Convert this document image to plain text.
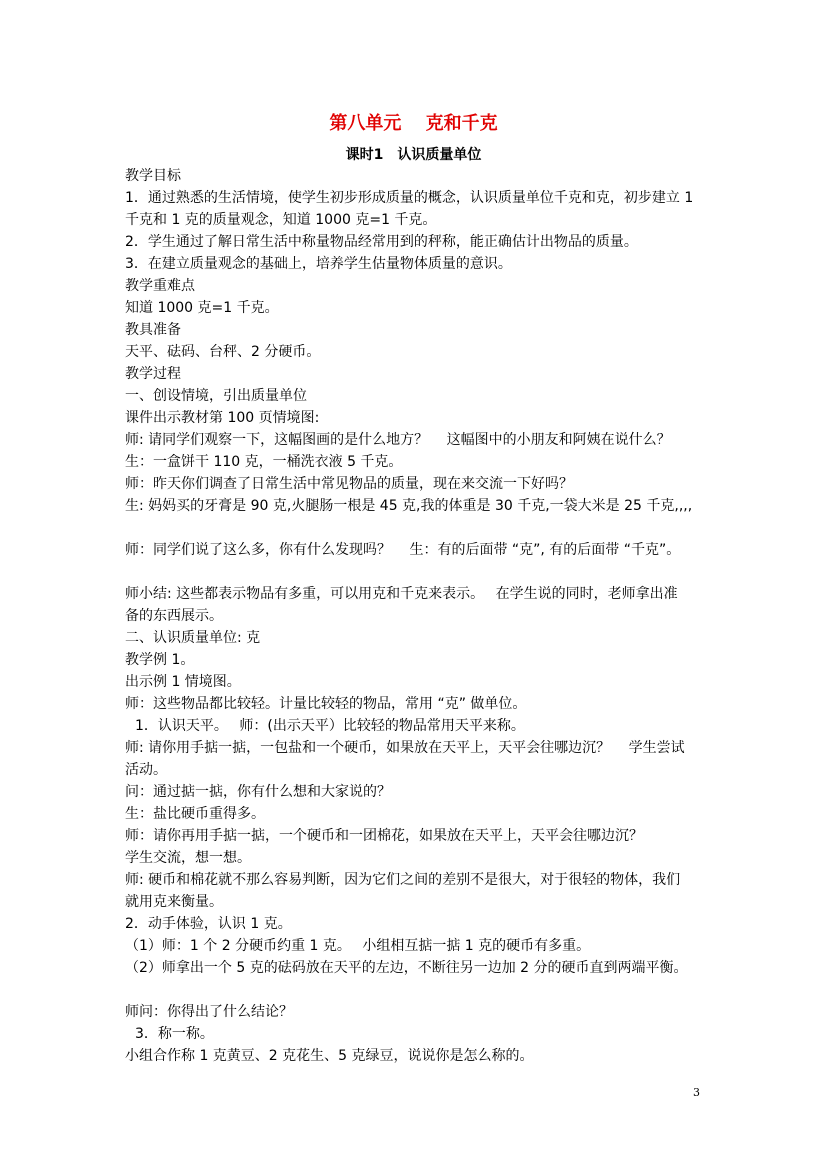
第八单元　 克和千克
课时1　认识质量单位
教学目标
1．通过熟悉的生活情境，使学生初步形成质量的概念，认识质量单位千克和克，初步建立 1
千克和 1 克的质量观念，知道 1000 克=1 千克。
2．学生通过了解日常生活中称量物品经常用到的秤称，能正确估计出物品的质量。
3．在建立质量观念的基础上，培养学生估量物体质量的意识。
教学重难点
知道 1000 克=1 千克。
教具准备
天平、砝码、台秤、2 分硬币。
教学过程
一、创设情境，引出质量单位
课件出示教材第 100 页情境图:
师: 请同学们观察一下，这幅图画的是什么地方？　 这幅图中的小朋友和阿姨在说什么？
生：一盒饼干 110 克，一桶洗衣液 5 千克。
师：昨天你们调查了日常生活中常见物品的质量，现在来交流一下好吗？
生: 妈妈买的牙膏是 90 克,火腿肠一根是 45 克,我的体重是 30 千克,一袋大米是 25 千克,,,,
师：同学们说了这么多，你有什么发现吗？　 生：有的后面带 “克”, 有的后面带 “千克”。
师小结: 这些都表示物品有多重，可以用克和千克来表示。　 在学生说的同时，老师拿出准
备的东西展示。
二、认识质量单位: 克
教学例 1。
出示例 1 情境图。
师：这些物品都比较轻。计量比较轻的物品，常用 “克” 做单位。
1．认识天平。　 师：(出示天平）比较轻的物品常用天平来称。
师: 请你用手掂一掂，一包盐和一个硬币，如果放在天平上，天平会往哪边沉？　 学生尝试
活动。
问：通过掂一掂，你有什么想和大家说的？
生：盐比硬币重得多。
师：请你再用手掂一掂，一个硬币和一团棉花，如果放在天平上，天平会往哪边沉？
学生交流，想一想。
师: 硬币和棉花就不那么容易判断，因为它们之间的差别不是很大，对于很轻的物体，我们
就用克来衡量。
2．动手体验，认识 1 克。
（1）师：1 个 2 分硬币约重 1 克。　 小组相互掂一掂 1 克的硬币有多重。
（2）师拿出一个 5 克的砝码放在天平的左边，不断往另一边加 2 分的硬币直到两端平衡。
师问：你得出了什么结论？
3．称一称。
小组合作称 1 克黄豆、2 克花生、5 克绿豆，说说你是怎么称的。
3
